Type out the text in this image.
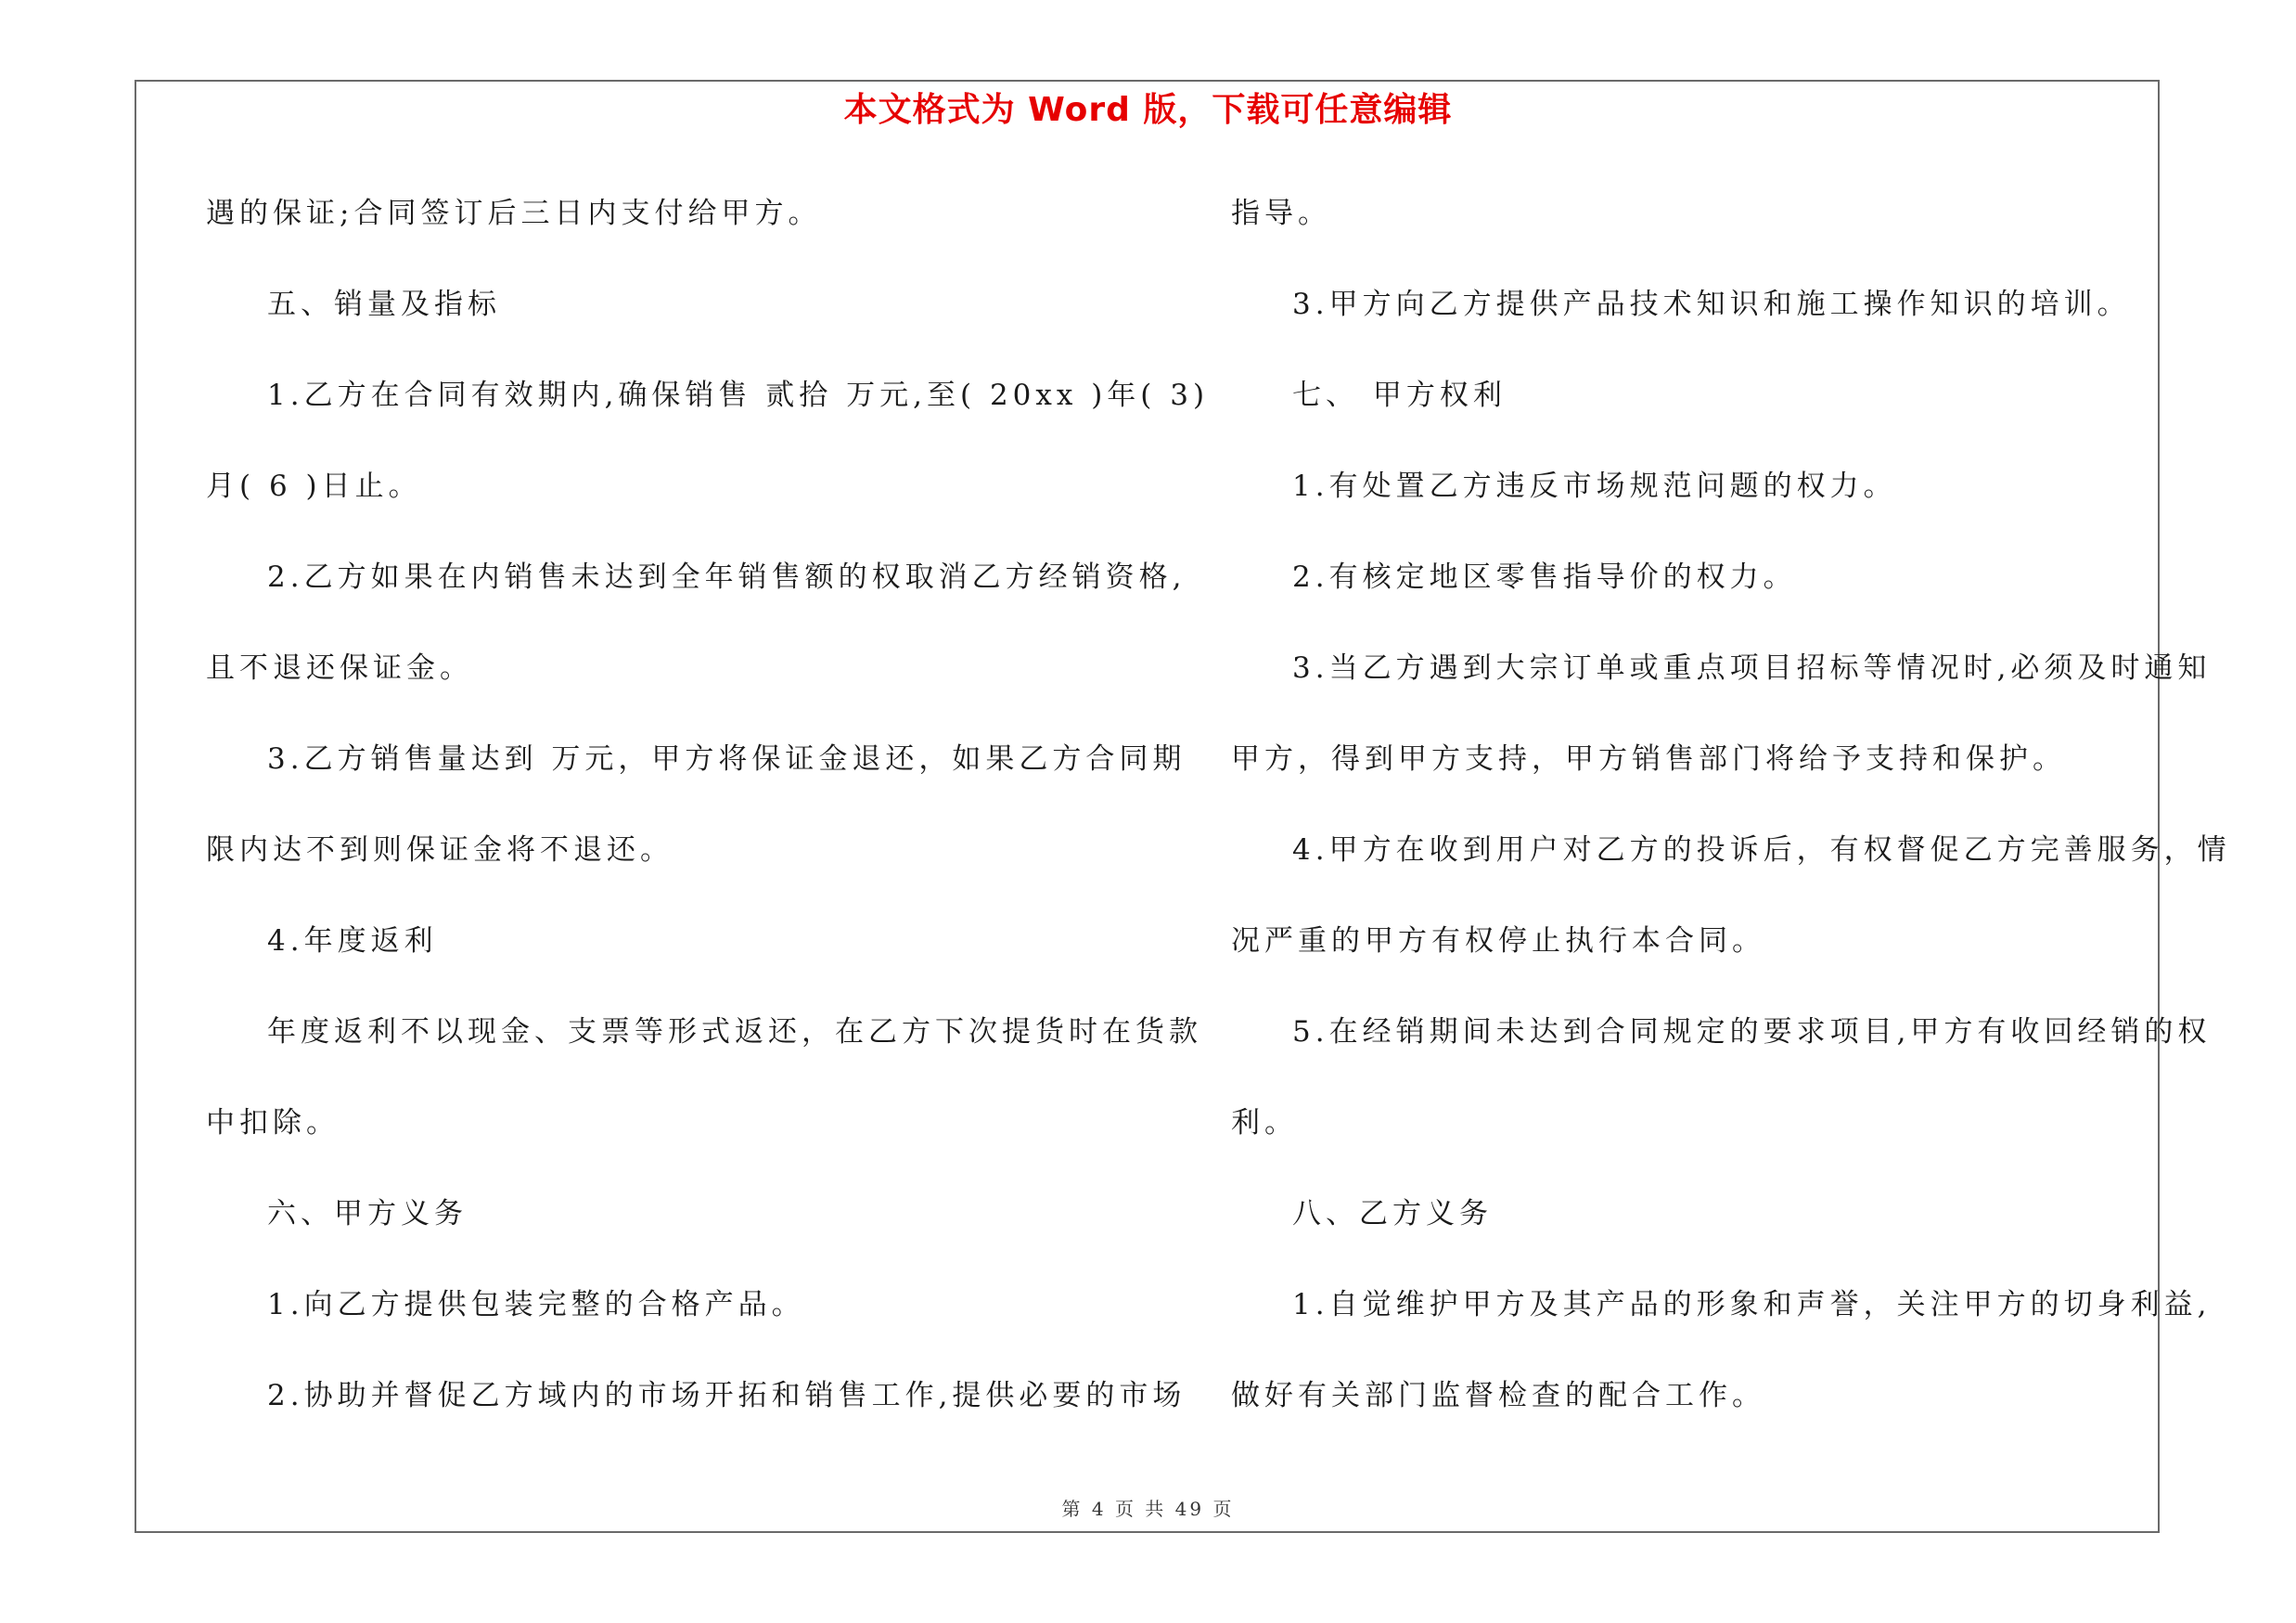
本文格式为 Word 版，下载可任意编辑
遇的保证;合同签订后三日内支付给甲方。
五、销量及指标
1.乙方在合同有效期内,确保销售 贰拾 万元,至( 20xx )年( 3)
月( 6 )日止。
2.乙方如果在内销售未达到全年销售额的权取消乙方经销资格,
且不退还保证金。
3.乙方销售量达到 万元，甲方将保证金退还，如果乙方合同期
限内达不到则保证金将不退还。
4.年度返利
年度返利不以现金、支票等形式返还，在乙方下次提货时在货款
中扣除。
六、甲方义务
1.向乙方提供包装完整的合格产品。
2.协助并督促乙方域内的市场开拓和销售工作,提供必要的市场
指导。
3.甲方向乙方提供产品技术知识和施工操作知识的培训。
七、 甲方权利
1.有处置乙方违反市场规范问题的权力。
2.有核定地区零售指导价的权力。
3.当乙方遇到大宗订单或重点项目招标等情况时,必须及时通知
甲方，得到甲方支持，甲方销售部门将给予支持和保护。
4.甲方在收到用户对乙方的投诉后，有权督促乙方完善服务，情
况严重的甲方有权停止执行本合同。
5.在经销期间未达到合同规定的要求项目,甲方有收回经销的权
利。
八、乙方义务
1.自觉维护甲方及其产品的形象和声誉，关注甲方的切身利益,
做好有关部门监督检查的配合工作。
第 4 页 共 49 页
